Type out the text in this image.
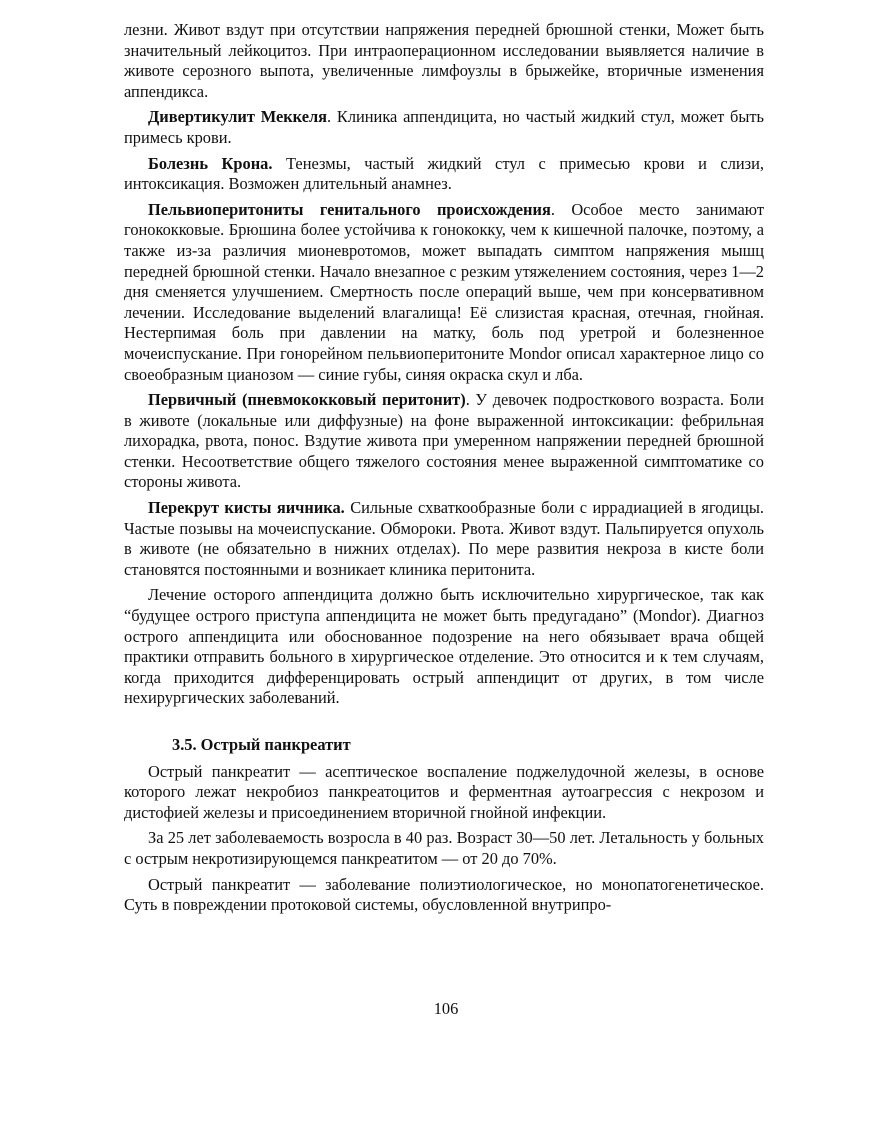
лезни. Живот вздут при отсутствии напряжения передней брюшной стенки, Может быть значительный лейкоцитоз. При интраоперационном исследовании выявляется наличие в животе серозного выпота, увеличенные лимфоузлы в брыжейке, вторичные изменения аппендикса.

Дивертикулит Меккеля. Клиника аппендицита, но частый жидкий стул, может быть примесь крови.

Болезнь Крона. Тенезмы, частый жидкий стул с примесью крови и слизи, интоксикация. Возможен длительный анамнез.

Пельвиоперитониты генитального происхождения. Особое место занимают гонококковые. Брюшина более устойчива к гонококку, чем к кишечной палочке, поэтому, а также из-за различия мионевротомов, может выпадать симптом напряжения мышц передней брюшной стенки. Начало внезапное с резким утяжелением состояния, через 1—2 дня сменяется улучшением. Смертность после операций выше, чем при консервативном лечении. Исследование выделений влагалища! Её слизистая красная, отечная, гнойная. Нестерпимая боль при давлении на матку, боль под уретрой и болезненное мочеиспускание. При гонорейном пельвиоперитоните Mondor описал характерное лицо со своеобразным цианозом — синие губы, синяя окраска скул и лба.

Первичный (пневмококковый перитонит). У девочек подросткового возраста. Боли в животе (локальные или диффузные) на фоне выраженной интоксикации: фебрильная лихорадка, рвота, понос. Вздутие живота при умеренном напряжении передней брюшной стенки. Несоответствие общего тяжелого состояния менее выраженной симптоматике со стороны живота.

Перекрут кисты яичника. Сильные схваткообразные боли с иррадиацией в ягодицы. Частые позывы на мочеиспускание. Обмороки. Рвота. Живот вздут. Пальпируется опухоль в животе (не обязательно в нижних отделах). По мере развития некроза в кисте боли становятся постоянными и возникает клиника перитонита.

Лечение осторого аппендицита должно быть исключительно хирургическое, так как “будущее острого приступа аппендицита не может быть предугадано” (Mondor). Диагноз острого аппендицита или обоснованное подозрение на него обязывает врача общей практики отправить больного в хирургическое отделение. Это относится и к тем случаям, когда приходится дифференцировать острый аппендицит от других, в том числе нехирургических заболеваний.

3.5. Острый панкреатит

Острый панкреатит — асептическое воспаление поджелудочной железы, в основе которого лежат некробиоз панкреатоцитов и ферментная аутоагрессия с некрозом и дистофией железы и присоединением вторичной гнойной инфекции.

За 25 лет заболеваемость возросла в 40 раз. Возраст 30—50 лет. Летальность у больных с острым некротизирующемся панкреатитом — от 20 до 70%.

Острый панкреатит — заболевание полиэтиологическое, но монопатогенетическое. Суть в повреждении протоковой системы, обусловленной внутрипро-

106
